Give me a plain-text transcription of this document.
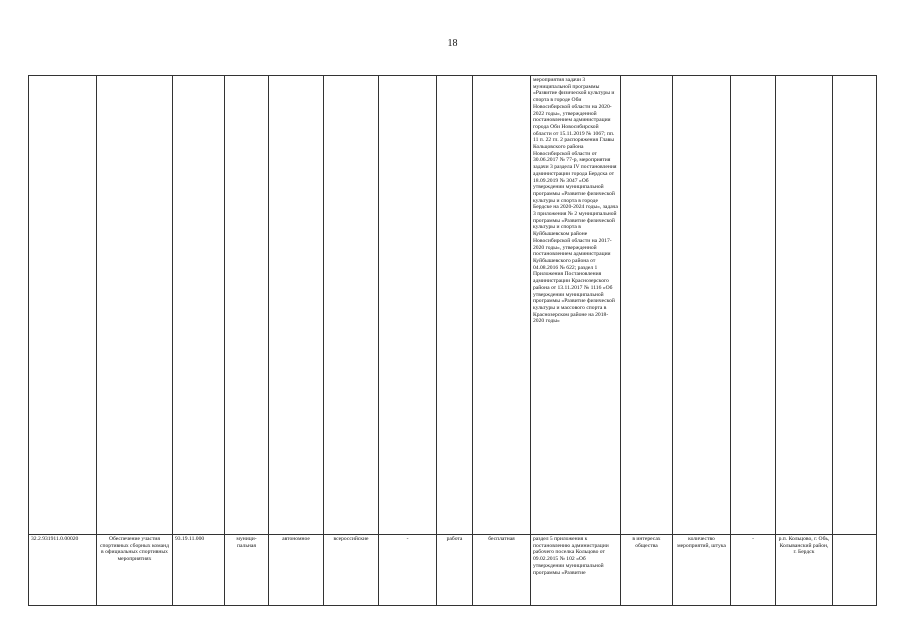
18
									мероприятия задачи 3 муниципальной программы «Развитие физической культуры и спорта в городе Оби Новосибирской области на 2020-2022 годы», утвержденной постановлением администрации города Оби Новосибирской области от 15.11.2019 № 1067; пп. 11 п. 22 гл. 2 распоряжения Главы Кольцовского района Новосибирской области от 30.06.2017 № 77-р, мероприятия задачи 3 раздела IV постановления администрации города Бердска от 18.09.2019 № 3047 «Об утверждении муниципальной программы «Развитие физической культуры и спорта в городе Бердске на 2020-2024 годы», задача 3 приложения № 2 муниципальной программы «Развитие физической культуры и спорта в Куйбышевском районе Новосибирской области на 2017-2020 годы», утвержденной постановлением администрации Куйбышевского района от 04.08.2016 № 622; раздел 1 Приложения Постановления администрации Краснозерского района от 13.11.2017 № 1116 «Об утверждении муниципальной программы «Развитие физической культуры и массового спорта в Краснозерском районе на 2018-2020 годы»					
32.2.931911.0.00020	Обеспечение участия спортивных сборных команд в официальных спортивных мероприятиях	93.19.11.000	муници-пальная	автономное	всероссийские	-	работа	бесплатная	раздел 5 приложения к постановлению администрации рабочего поселка Кольцово от 09.02.2015 № 102 «Об утверждении муниципальной программы «Развитие	в интересах общества	количество мероприятий, штука	-	р.п. Кольцово, г. Обь, Колыванский район, г. Бердск	
